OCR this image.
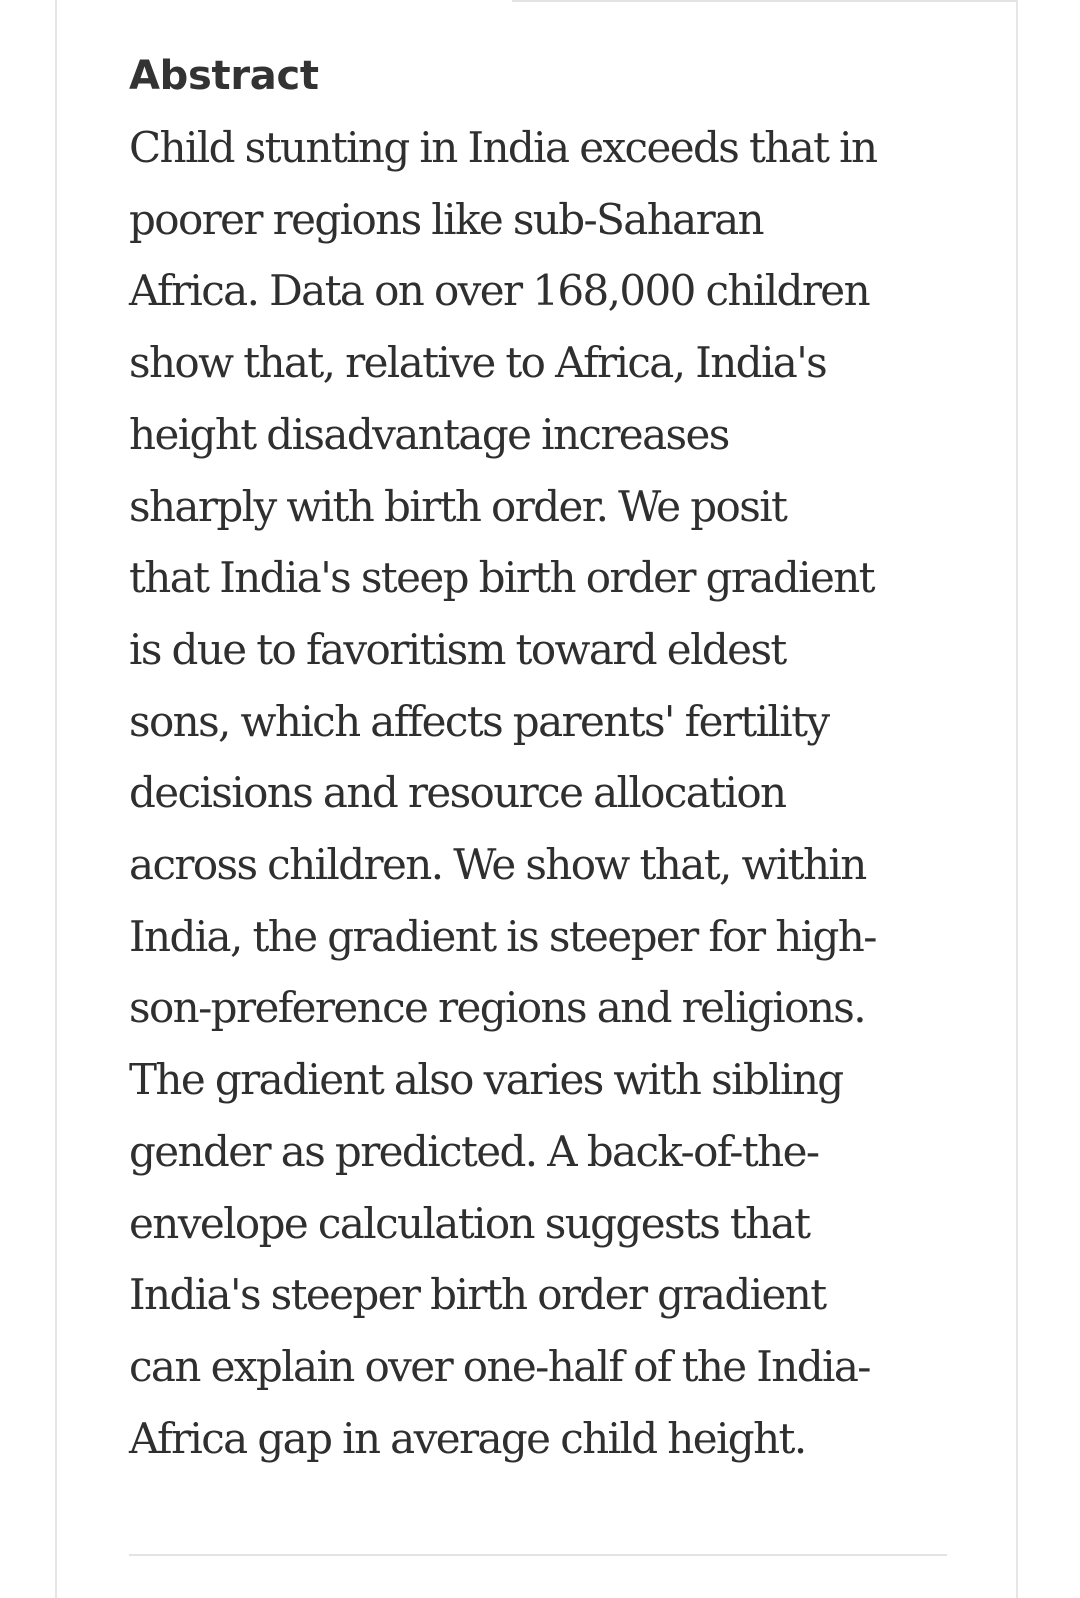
Abstract

Child stunting in India exceeds that in
poorer regions like sub-Saharan
Africa. Data on over 168,000 children
show that, relative to Africa, India's
height disadvantage increases
sharply with birth order. We posit
that India's steep birth order gradient
is due to favoritism toward eldest
sons, which affects parents' fertility
decisions and resource allocation
across children. We show that, within
India, the gradient is steeper for high-
son-preference regions and religions.
The gradient also varies with sibling
gender as predicted. A back-of-the-
envelope calculation suggests that
India's steeper birth order gradient
can explain over one-half of the India-
Africa gap in average child height.
